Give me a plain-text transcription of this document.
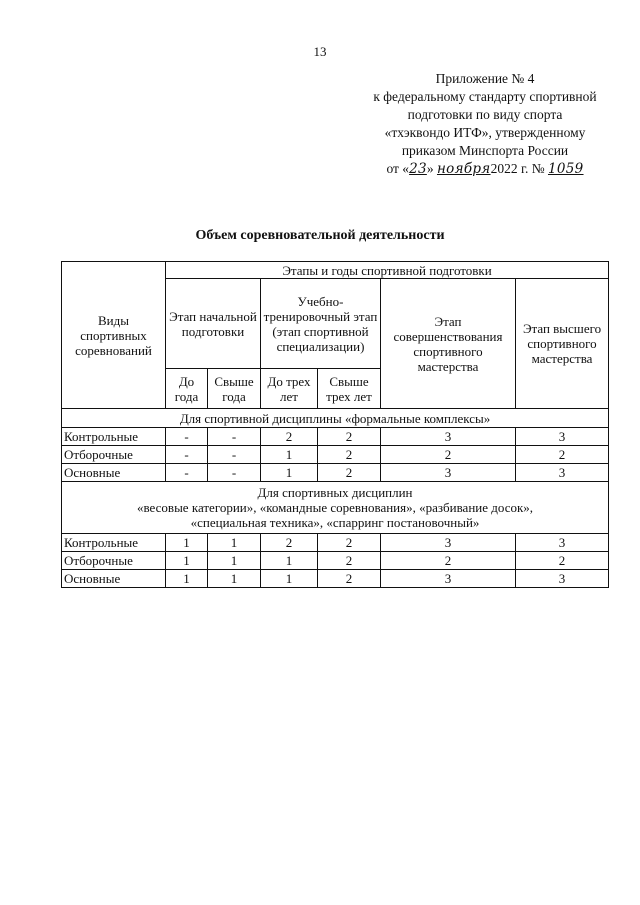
13
Приложение № 4
к федеральному стандарту спортивной
подготовки по виду спорта
«тхэквондо ИТФ», утвержденному
приказом Минспорта России
от «23» ноября2022 г. № 1059
Объем соревновательной деятельности
Виды спортивных соревнований	Этапы и годы спортивной подготовки					
	Этап начальной подготовки		Учебно-тренировочный этап (этап спортивной специализации)		Этап совершенствования спортивного мастерства	Этап высшего спортивного мастерства
	До года	Свыше года	До трех лет	Свыше трех лет		
Для спортивной дисциплины «формальные комплексы»						
Контрольные	-	-	2	2	3	3
Отборочные	-	-	1	2	2	2
Основные	-	-	1	2	3	3

Для спортивных дисциплин
«весовые категории», «командные соревнования», «разбивание досок»,
«специальная техника», «спарринг постановочный»						

Контрольные	1	1	2	2	3	3
Отборочные	1	1	1	2	2	2
Основные	1	1	1	2	3	3
